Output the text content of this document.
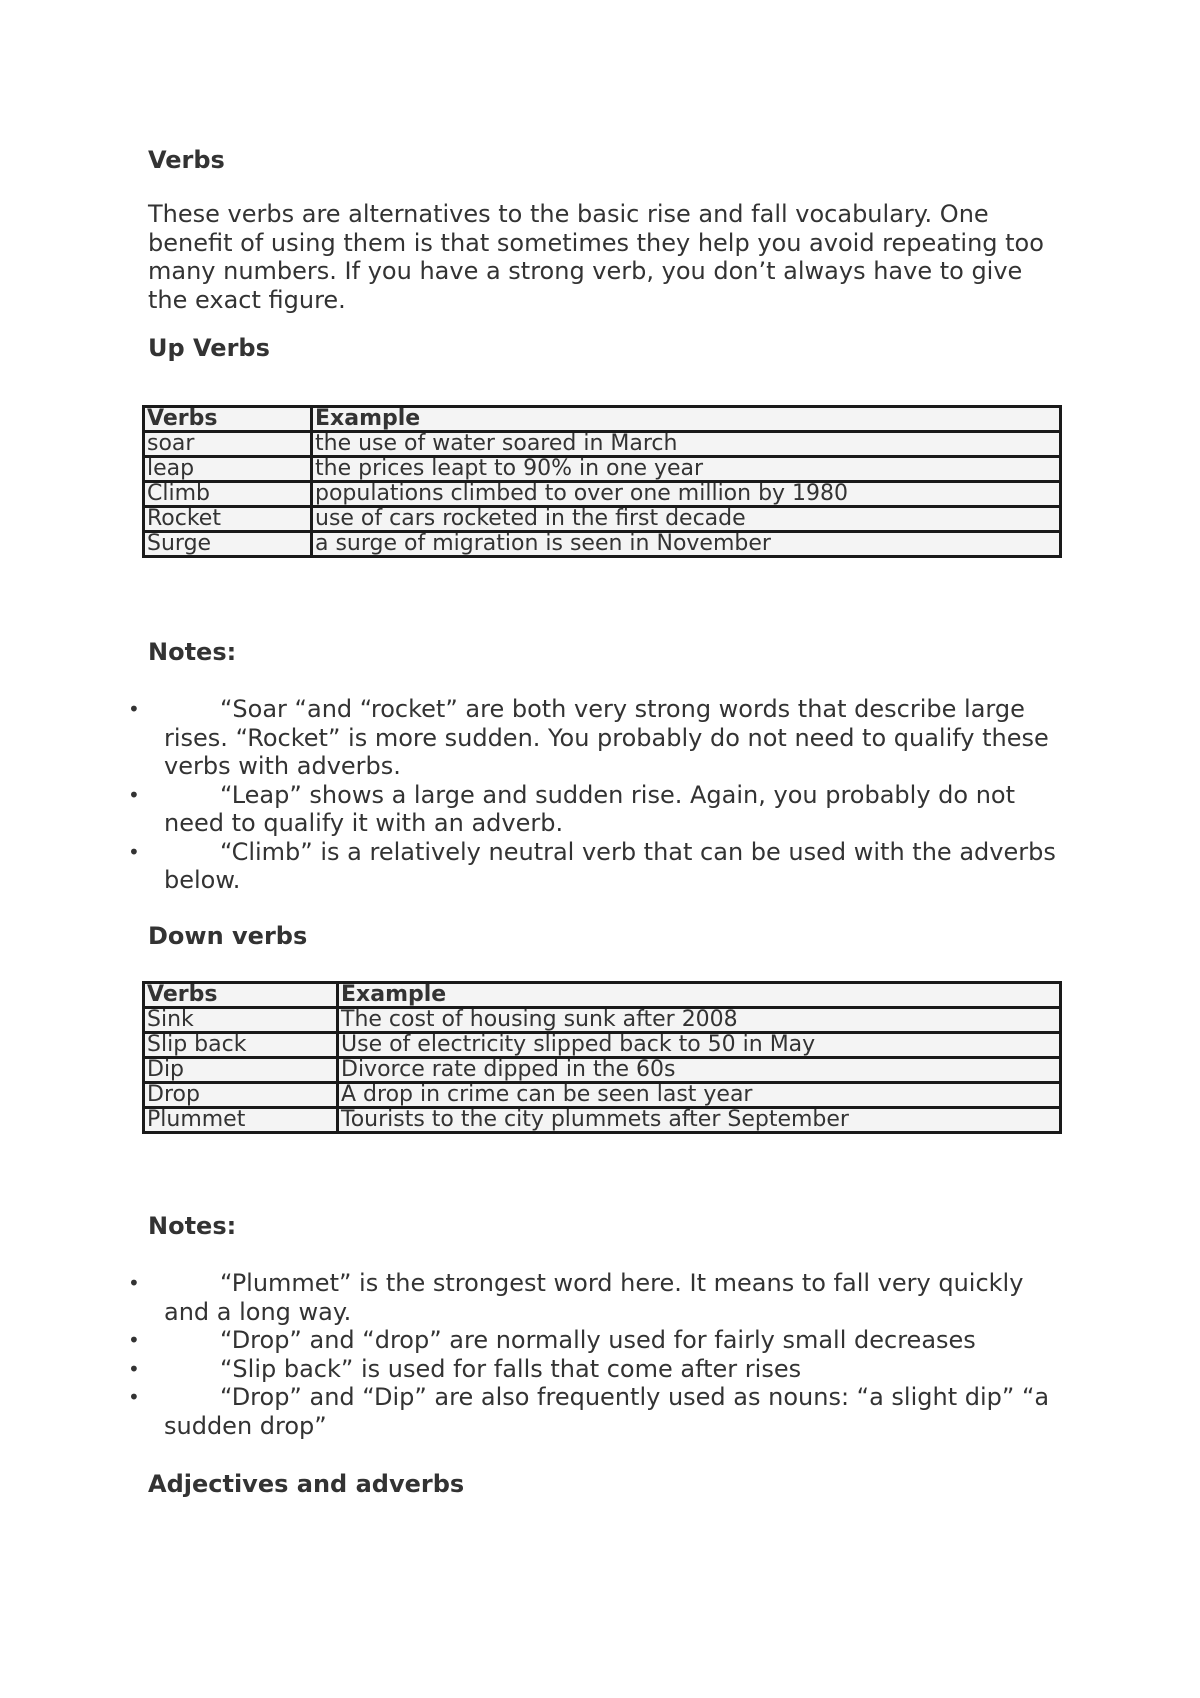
Verbs
These verbs are alternatives to the basic rise and fall vocabulary. One benefit of using them is that sometimes they help you avoid repeating too many numbers. If you have a strong verb, you don’t always have to give the exact figure.
Up Verbs
Verbs	Example
soar	the use of water soared in March
leap	the prices leapt to 90% in one year
Climb	populations climbed to over one million by 1980
Rocket	use of cars rocketed in the first decade
Surge	a surge of migration is seen in November
Notes:
•	“Soar “and “rocket” are both very strong words that describe large rises. “Rocket” is more sudden. You probably do not need to qualify these verbs with adverbs.
•	“Leap” shows a large and sudden rise. Again, you probably do not need to qualify it with an adverb.
•	“Climb” is a relatively neutral verb that can be used with the adverbs below.
Down verbs
Verbs	Example
Sink	The cost of housing sunk after 2008
Slip back	Use of electricity slipped back to 50 in May
Dip	Divorce rate dipped in the 60s
Drop	A drop in crime can be seen last year
Plummet	Tourists to the city plummets after September
Notes:
•	“Plummet” is the strongest word here. It means to fall very quickly and a long way.
•	“Drop” and “drop” are normally used for fairly small decreases
•	“Slip back” is used for falls that come after rises
•	“Drop” and “Dip” are also frequently used as nouns: “a slight dip” “a sudden drop”
Adjectives and adverbs
